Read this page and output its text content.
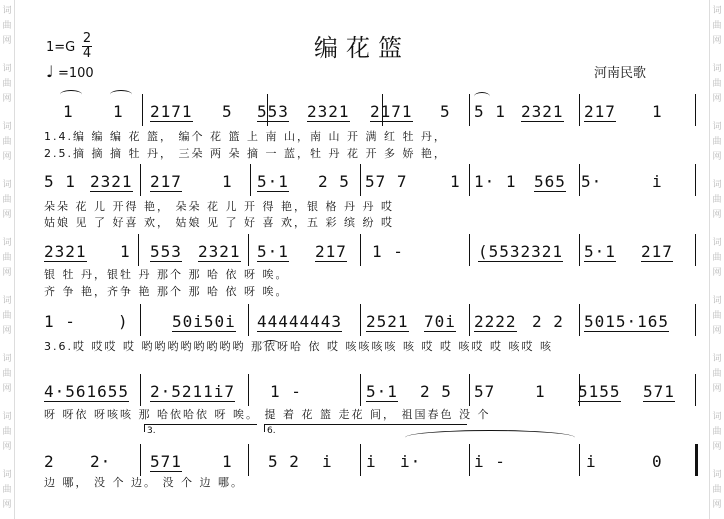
词
曲
网
词
曲
网
词
曲
网
词
曲
网
词
曲
网
词
曲
网
词
曲
网
词
曲
网
词
曲
网
词
曲
网
词
曲
网
词
曲
网
词
曲
网
词
曲
网
词
曲
网
词
曲
网
词
曲
网
词
曲
网
编花篮
$1=G \frac{2}{4}$
♩ =100	河南民歌
1 1 2171 5 553 2321 2171 5 5 1 2321 217 1
1.4.编 编 编 花 篮， 编个 花 篮 上 南 山，南 山 开 满 红 牡 丹，
2.5.摘 摘 摘 牡 丹， 三朵 两 朵 摘 一 蓝，牡 丹 花 开 多 娇 艳，
5 1 2321 217	1 5·1 2 5 57 7	1 1· 1 565 5·	i
朵朵 花 儿 开得 艳， 朵朵 花 儿 开 得 艳，银 格 丹 丹 哎
姑娘 见 了 好喜 欢， 姑娘 见 了 好 喜 欢，五 彩 缤 纷 哎
2321 1 553 2321 5·1 217 1 -	(5532321 5·1 217
银 牡 丹，银牡 丹 那个 那 哈 依 呀 唉。
齐 争 艳，齐争 艳 那个 那 哈 依 呀 唉。
1 -	)	50i50i 44444443 2521 70i 2222 2 2 5015·165
3.6.哎 哎哎 哎 哟哟哟哟哟哟哟哟 那依呀哈 依 哎 咳咳咳咳 咳 哎 哎 咳哎 哎 咳哎 咳
4·561655 2·5211i7 1 -	5·1 2 5 57 1 5155 571
呀 呀依 呀咳咳 那 哈依哈依 呀 唉。 提 着 花 篮 走花 间， 祖国春色 没 个
2 2· 571	1 5 2 i i i·	i -	i	0
3.	6.
边 哪， 没 个 边。 没 个 边 哪。
